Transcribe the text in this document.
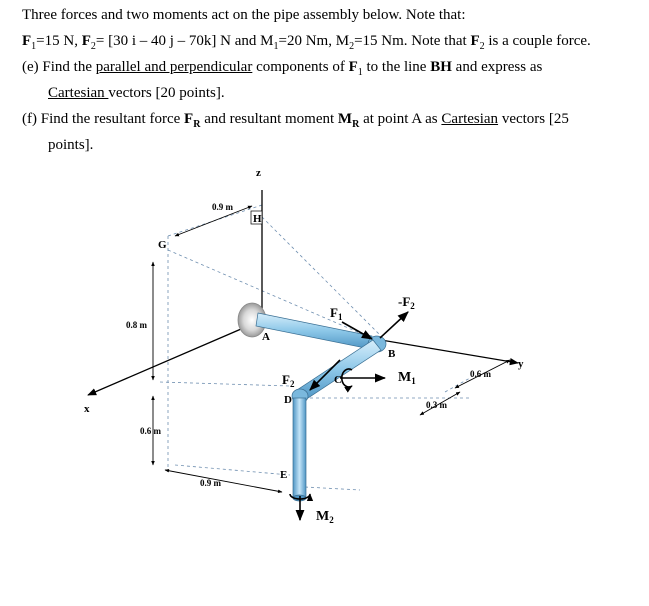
Three forces and two moments act on the pipe assembly below. Note that:
$F_1=15$ N, $F_2= [30$ i – 40 j – 70k] N and $M_1=20$ Nm, $M_2=15$ Nm. Note that $F_2$ is a couple force.
(e) Find the parallel and perpendicular components of $F_1$ to the line BH and express as
Cartesian vectors [20 points].
(f) Find the resultant force $F_R$ and resultant moment $M_R$ at point A as Cartesian vectors [25
points].
z
y
x
H
G
A
B
C
D
E
0.9 m
0.8 m
0.6 m
0.9 m
0.6 m
0.3 m
$F_1$
$-F_2$
$F_2$	$M_1$
$M_2$
